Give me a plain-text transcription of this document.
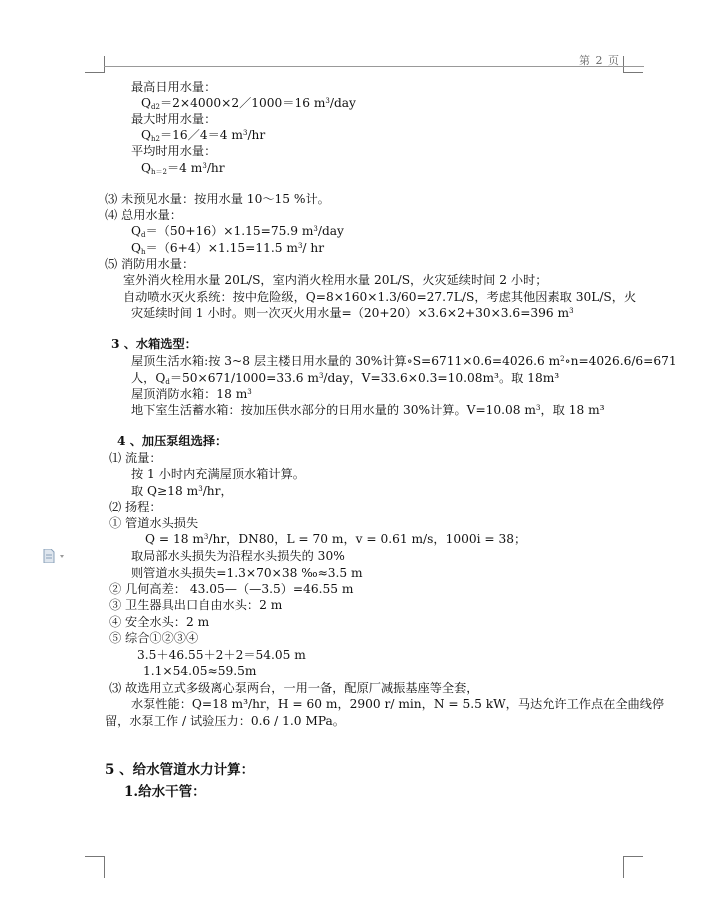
第 2 页
最高日用水量：
$Q_{d2}=2\times 4000\times 2/1000=16$ $m^3$/day
最大时用水量：
$Q_{h2}=16/4=4$ $m^3/hr$
平均时用水量：
$Q_{h=2}=4$ $m^3/hr$
⑶ 未预见水量：按用水量 10～15 %计。
⑷ 总用水量：
$Q_d=(50+16)\times 1.15=75.9$ $m^3$/day
$Q_h=(6+4)\times 1.15=11.5$ $m^3/$ hr
⑸ 消防用水量：
室外消火栓用水量 20L/S，室内消火栓用水量 20L/S，火灾延续时间 2 小时；
自动喷水灭火系统：按中危险级，Q=8×160×1.3/60=27.7L/S，考虑其他因素取 30L/S，火
灾延续时间 1 小时。则一次灭火用水量=（20+20）×3.6×2+30×3.6=396 $m^3$
3 、水箱选型：
屋顶生活水箱:按 3~8 层主楼日用水量的 30%计算∘S=6711×0.6=4026.6 $m^2\circ n=4026.6/6=671$
人，$Q_d=50\times 671/1000=33.6$ $m^3$/day，V=33.6×0.3=10.08m³。取 18m³
屋顶消防水箱：18 $m^3$
地下室生活蓄水箱：按加压供水部分的日用水量的 30%计算。V=10.08 $m^3$，取 18 m³
4 、加压泵组选择：
⑴ 流量：
按 1 小时内充满屋顶水箱计算。
取 Q≥18 $m^3/hr$，
⑵ 扬程：
① 管道水头损失
Q = 18 $m^3/hr$，DN80，L = 70 m，v = 0.61 m/s，1000i = 38；
取局部水头损失为沿程水头损失的 30%
则管道水头损失=1.3×70×38 ‰≈3.5 m
② 几何高差： 43.05—（—3.5）=46.55 m
③ 卫生器具出口自由水头：2 m
④ 安全水头：2 m
⑤ 综合①②③④
3.5＋46.55＋2＋2＝54.05 m
1.1×54.05≈59.5m
⑶ 故选用立式多级离心泵两台，一用一备，配原厂减振基座等全套，
水泵性能：Q=18 m³/hr，H = 60 m，2900 r/ min，N = 5.5 kW，马达允许工作点在全曲线停
留，水泵工作 / 试验压力：0.6 / 1.0 MPa。
5 、给水管道水力计算：
1.给水干管：
